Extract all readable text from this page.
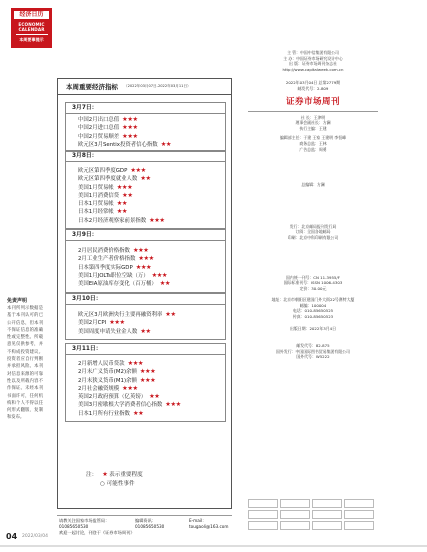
经济日历
ECONOMIC
CALENDAR
本周要事提示
免责声明
本刊所列示数据是基于本刊认可的已公开信息，但本刊不保证信息的准确性或完整性。所载意见仅供参考，并不构成投资建议。投资者应自行判断并承担风险。本刊对信息来源的可靠性以及所载内容不作保证。未经本刊书面许可，任何机构和个人不得以任何形式翻版、复制和发布。
本周重要经济指标 （2022年03月07日-2022年03月11日）
3月7日：
中国2月出口总值 ★★★
中国2月进口总值 ★★★
中国2月贸易顺差 ★★★
欧元区3月Sentix投资者信心指数 ★★
3月8日：
欧元区第四季度GDP ★★★
欧元区第四季度就业人数 ★★
美国1月贸易帐 ★★★
美国1月消费信贷 ★★
日本1月贸易帐 ★★
日本1月经常帐 ★★
日本2月经济观察家前景指数 ★★★
3月9日：
2月居民消费价格指数 ★★★
2月工业生产者价格指数 ★★★
日本第四季度实际GDP ★★★
美国1月JOLTs职位空缺（万） ★★★
美国EIA原油库存变化（百万桶） ★★
3月10日：
欧元区3月欧洲央行主要再融资利率 ★★
美国2月CPI ★★★
美国周度申请失业金人数 ★★
3月11日：
2月新增人民币贷款 ★★★
2月末广义货币(M2)余额 ★★★
2月末狭义货币(M1)余额 ★★★
2月社会融资规模 ★★★
英国2月政府预算（亿英镑） ★★
美国3月密歇根大学消费者信心指数 ★★★
日本1月所有行业指数 ★★
注： ★ 表示重要程度
○ 可能性事件
请教关注国家市场监管局：
01085650530
欢迎一起讨论，刊登于《证券市场周刊》
编辑资讯：
01085650530
E-mail：
tougaoli@163.com
主 管：中国中信集团有限公司
主 办：中国证券市场研究设计中心
出 版：证券市场周刊杂志社
http://www.capitalweek.com.cn
2022年03月04日 总第2779期
邮发代号：2-809
证券市场周刊
社 长：王津明
理事会副社长：方澜
执行主编：王建
编辑部主任：于建 王家 王建明 李恒峰
商务总监：王林
广告总监：周勇
总编辑：方澜
发行：北京邮局报刊发行局
订阅：全国各地邮局
印刷：北京中科印刷有限公司
国内统一刊号：CN 11-3955/F
国际标准刊号：ISSN 1006-4303
定价：30.00元
地址：北京市朝阳区建国门外大街22号赛特大厦
邮编：100004
电话：010-85650525
传真：010-85650523
出版日期：2022年3月4日
邮发代号：82-875
国外发行：中国国际图书贸易集团有限公司
国外代号：W5222
04 2022/03/04
